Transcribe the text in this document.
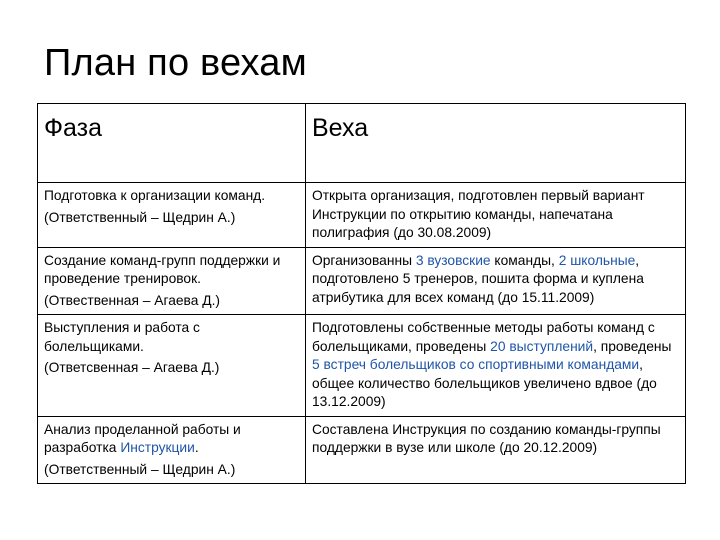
План по вехам
Фаза	Веха

Подготовка к организации команд.
(Ответственный – Щедрин А.)	Открыта организация, подготовлен первый вариант Инструкции по открытию команды, напечатана полиграфия (до 30.08.2009)

Создание команд-групп поддержки и проведение тренировок.
(Отвественная – Агаева Д.)	Организованны 3 вузовские команды, 2 школьные, подготовлено 5 тренеров, пошита форма и куплена атрибутика для всех команд (до 15.11.2009)

Выступления и работа с болельщиками.
(Ответсвенная – Агаева Д.)	Подготовлены собственные методы работы команд с болельщиками, проведены 20 выступлений, проведены 5 встреч болельщиков со спортивными командами, общее количество болельщиков увеличено вдвое (до 13.12.2009)

Анализ проделанной работы и разработка Инструкции.
(Ответственный – Щедрин А.)	Составлена Инструкция по созданию команды-группы поддержки в вузе или школе (до 20.12.2009)
